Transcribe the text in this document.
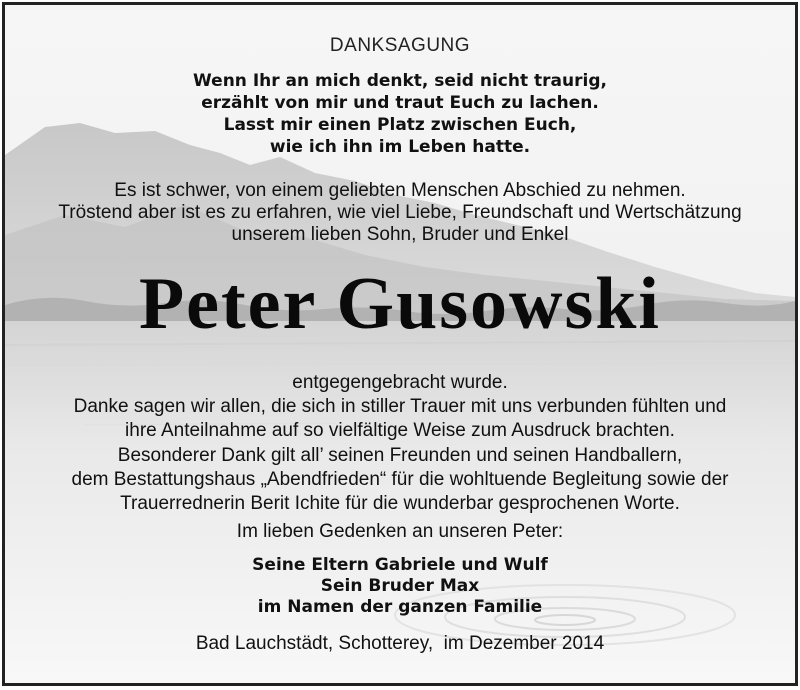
DANKSAGUNG
Wenn Ihr an mich denkt, seid nicht traurig,
erzählt von mir und traut Euch zu lachen.
Lasst mir einen Platz zwischen Euch,
wie ich ihn im Leben hatte.
Es ist schwer, von einem geliebten Menschen Abschied zu nehmen.
Tröstend aber ist es zu erfahren, wie viel Liebe, Freundschaft und Wertschätzung
unserem lieben Sohn, Bruder und Enkel
Peter Gusowski
entgegengebracht wurde.
Danke sagen wir allen, die sich in stiller Trauer mit uns verbunden fühlten und
ihre Anteilnahme auf so vielfältige Weise zum Ausdruck brachten.
Besonderer Dank gilt all’ seinen Freunden und seinen Handballern,
dem Bestattungshaus „Abendfrieden“ für die wohltuende Begleitung sowie der
Trauerrednerin Berit Ichite für die wunderbar gesprochenen Worte.
Im lieben Gedenken an unseren Peter:
Seine Eltern Gabriele und Wulf
Sein Bruder Max
im Namen der ganzen Familie
Bad Lauchstädt, Schotterey,  im Dezember 2014
